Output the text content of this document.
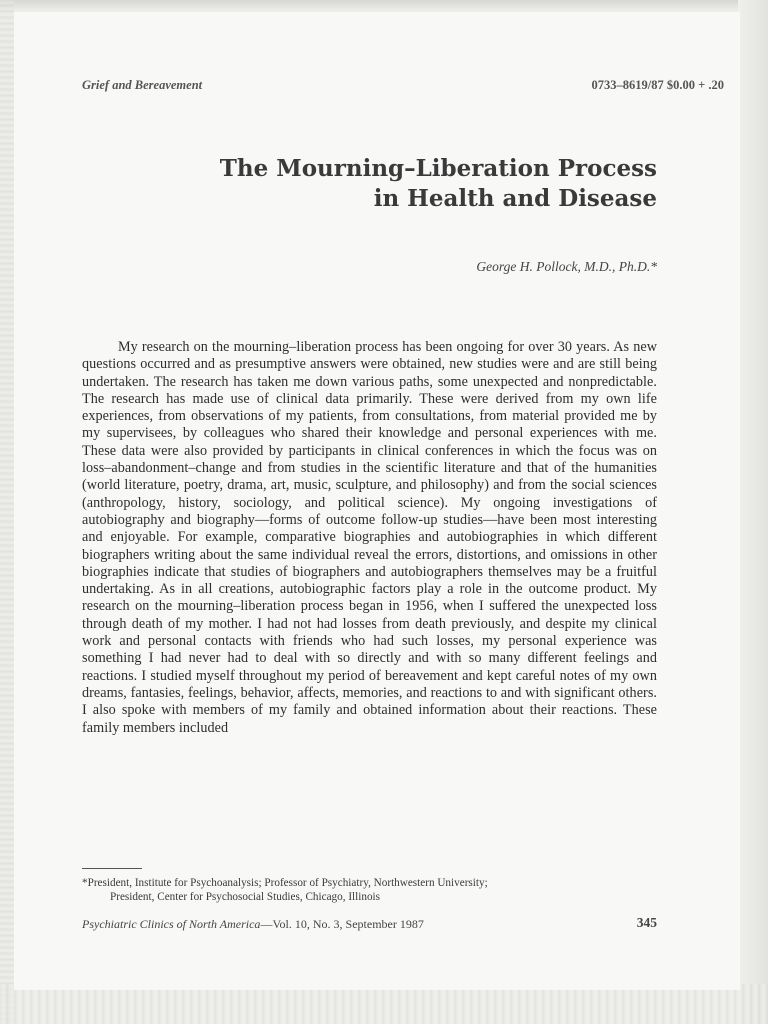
Grief and Bereavement	0733–8619/87 $0.00 + .20
The Mourning–Liberation Process
in Health and Disease
George H. Pollock, M.D., Ph.D.*
My research on the mourning–liberation process has been ongoing for over 30 years. As new questions occurred and as presumptive answers were obtained, new studies were and are still being undertaken. The research has taken me down various paths, some unexpected and nonpredictable. The research has made use of clinical data primarily. These were derived from my own life experiences, from observations of my patients, from consultations, from material provided me by my supervisees, by colleagues who shared their knowledge and personal experiences with me. These data were also provided by participants in clinical conferences in which the focus was on loss–abandonment–change and from studies in the scientific literature and that of the humanities (world literature, poetry, drama, art, music, sculpture, and philosophy) and from the social sciences (anthropology, history, sociology, and political science). My ongoing investigations of autobiography and biography—forms of outcome follow-up studies—have been most interesting and enjoyable. For example, comparative biographies and autobiographies in which different biographers writing about the same individual reveal the errors, distortions, and omissions in other biographies indicate that studies of biographers and autobiographers themselves may be a fruitful undertaking. As in all creations, autobiographic factors play a role in the outcome product. My research on the mourning–liberation process began in 1956, when I suffered the unexpected loss through death of my mother. I had not had losses from death previously, and despite my clinical work and personal contacts with friends who had such losses, my personal experience was something I had never had to deal with so directly and with so many different feelings and reactions. I studied myself throughout my period of bereavement and kept careful notes of my own dreams, fantasies, feelings, behavior, affects, memories, and reactions to and with significant others. I also spoke with members of my family and obtained information about their reactions. These family members included
*President, Institute for Psychoanalysis; Professor of Psychiatry, Northwestern University;
President, Center for Psychosocial Studies, Chicago, Illinois
Psychiatric Clinics of North America—Vol. 10, No. 3, September 1987	345
